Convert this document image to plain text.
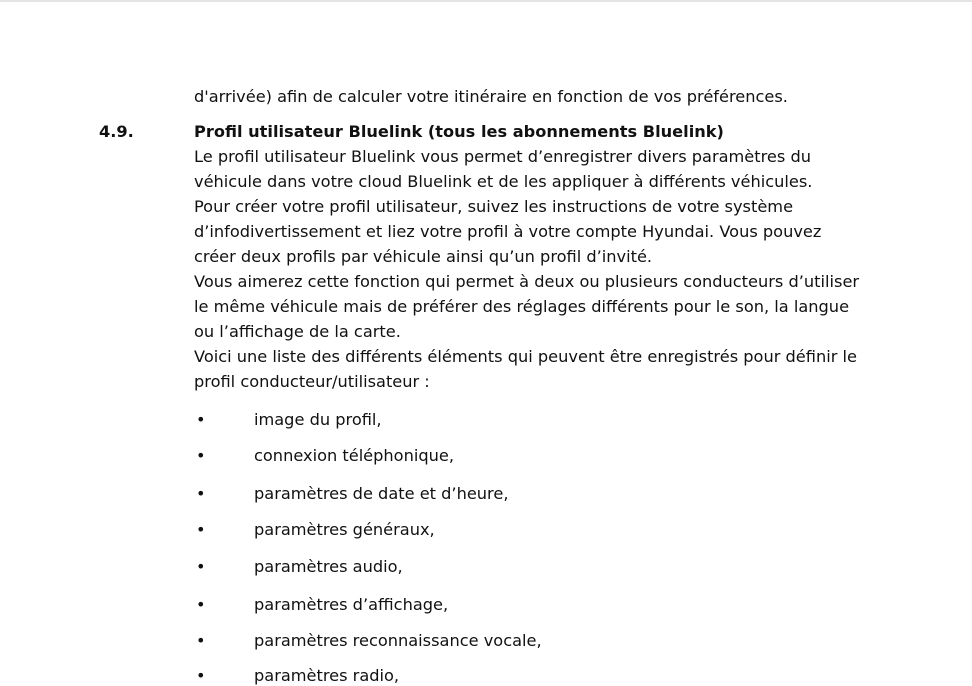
d'arrivée) afin de calculer votre itinéraire en fonction de vos préférences.
4.9.	Profil utilisateur Bluelink (tous les abonnements Bluelink)
Le profil utilisateur Bluelink vous permet d’enregistrer divers paramètres du
véhicule dans votre cloud Bluelink et de les appliquer à différents véhicules.
Pour créer votre profil utilisateur, suivez les instructions de votre système
d’infodivertissement et liez votre profil à votre compte Hyundai. Vous pouvez
créer deux profils par véhicule ainsi qu’un profil d’invité.
Vous aimerez cette fonction qui permet à deux ou plusieurs conducteurs d’utiliser
le même véhicule mais de préférer des réglages différents pour le son, la langue
ou l’affichage de la carte.
Voici une liste des différents éléments qui peuvent être enregistrés pour définir le
profil conducteur/utilisateur :
•	image du profil,
•	connexion téléphonique,
•	paramètres de date et d’heure,
•	paramètres généraux,
•	paramètres audio,
•	paramètres d’affichage,
•	paramètres reconnaissance vocale,
•	paramètres radio,
